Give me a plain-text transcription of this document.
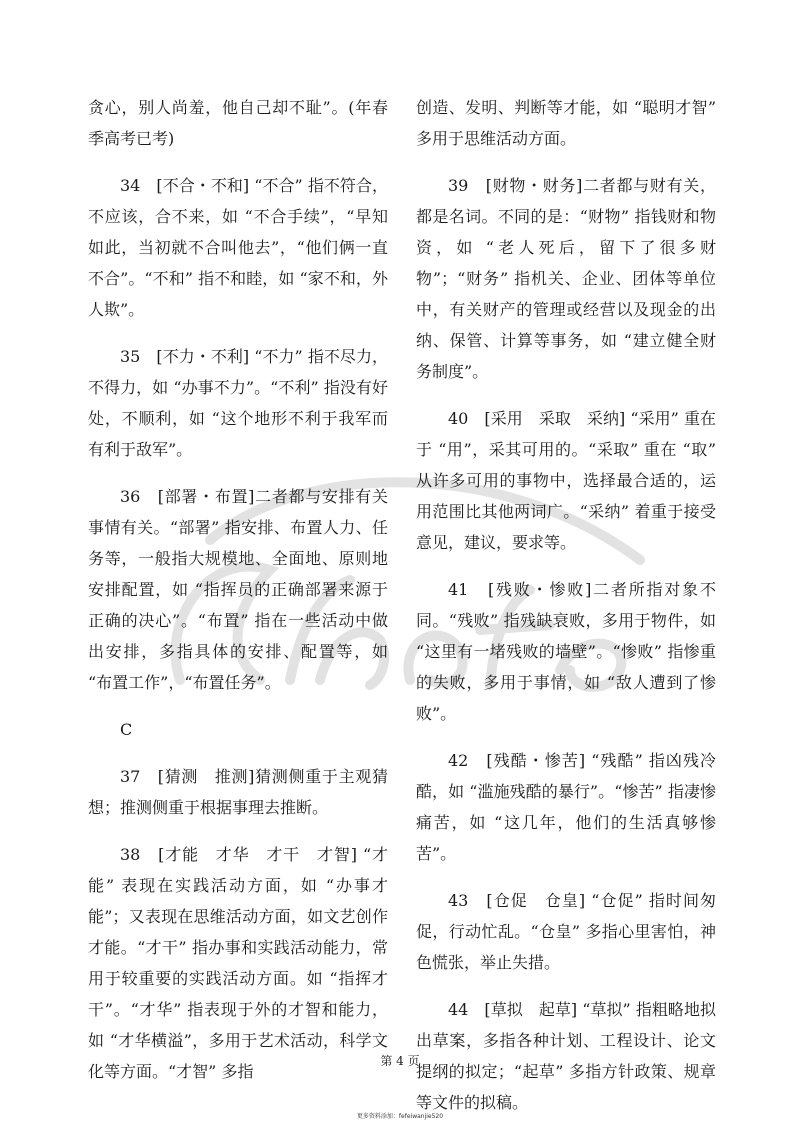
贪心，别人尚羞，他自己却不耻”。(年春季高考已考)

34　[不合・不和] “不合” 指不符合，不应该，合不来，如 “不合手续”，“早知如此，当初就不合叫他去”，“他们俩一直不合”。“不和” 指不和睦，如 “家不和，外人欺”。

35　[不力・不利] “不力” 指不尽力，不得力，如 “办事不力”。“不利” 指没有好处，不顺利，如 “这个地形不利于我军而有利于敌军”。

36　[部署・布置]二者都与安排有关事情有关。“部署” 指安排、布置人力、任务等，一般指大规模地、全面地、原则地安排配置，如 “指挥员的正确部署来源于正确的决心”。“布置” 指在一些活动中做出安排，多指具体的安排、配置等，如 “布置工作”，“布置任务”。

C

37　[猜测　推测]猜测侧重于主观猜想；推测侧重于根据事理去推断。

38　[才能　才华　才干　才智] “才能” 表现在实践活动方面，如 “办事才能”；又表现在思维活动方面，如文艺创作才能。“才干” 指办事和实践活动能力，常用于较重要的实践活动方面。如 “指挥才干”。“才华” 指表现于外的才智和能力，如 “才华横溢”，多用于艺术活动，科学文化等方面。“才智” 多指

创造、发明、判断等才能，如 “聪明才智” 多用于思维活动方面。

39　[财物・财务]二者都与财有关，都是名词。不同的是：“财物” 指钱财和物资，如 “老人死后，留下了很多财物”；“财务” 指机关、企业、团体等单位中，有关财产的管理或经营以及现金的出纳、保管、计算等事务，如 “建立健全财务制度”。

40　[采用　采取　采纳] “采用” 重在于 “用”，采其可用的。“采取” 重在 “取” 从许多可用的事物中，选择最合适的，运用范围比其他两词广。“采纳” 着重于接受意见，建议，要求等。

41　[残败・惨败]二者所指对象不同。“残败” 指残缺衰败，多用于物件，如 “这里有一堵残败的墙壁”。“惨败” 指惨重的失败，多用于事情，如 “敌人遭到了惨败”。

42　[残酷・惨苦] “残酷” 指凶残冷酷，如 “滥施残酷的暴行”。“惨苦” 指凄惨痛苦，如 “这几年，他们的生活真够惨苦”。

43　[仓促　仓皇] “仓促” 指时间匆促，行动忙乱。“仓皇” 多指心里害怕，神色慌张，举止失措。

44　[草拟　起草] “草拟” 指粗略地拟出草案，多指各种计划、工程设计、论文提纲的拟定；“起草” 多指方针政策、规章等文件的拟稿。

第 4 页
更多资料添加：fefeiwanjie520
